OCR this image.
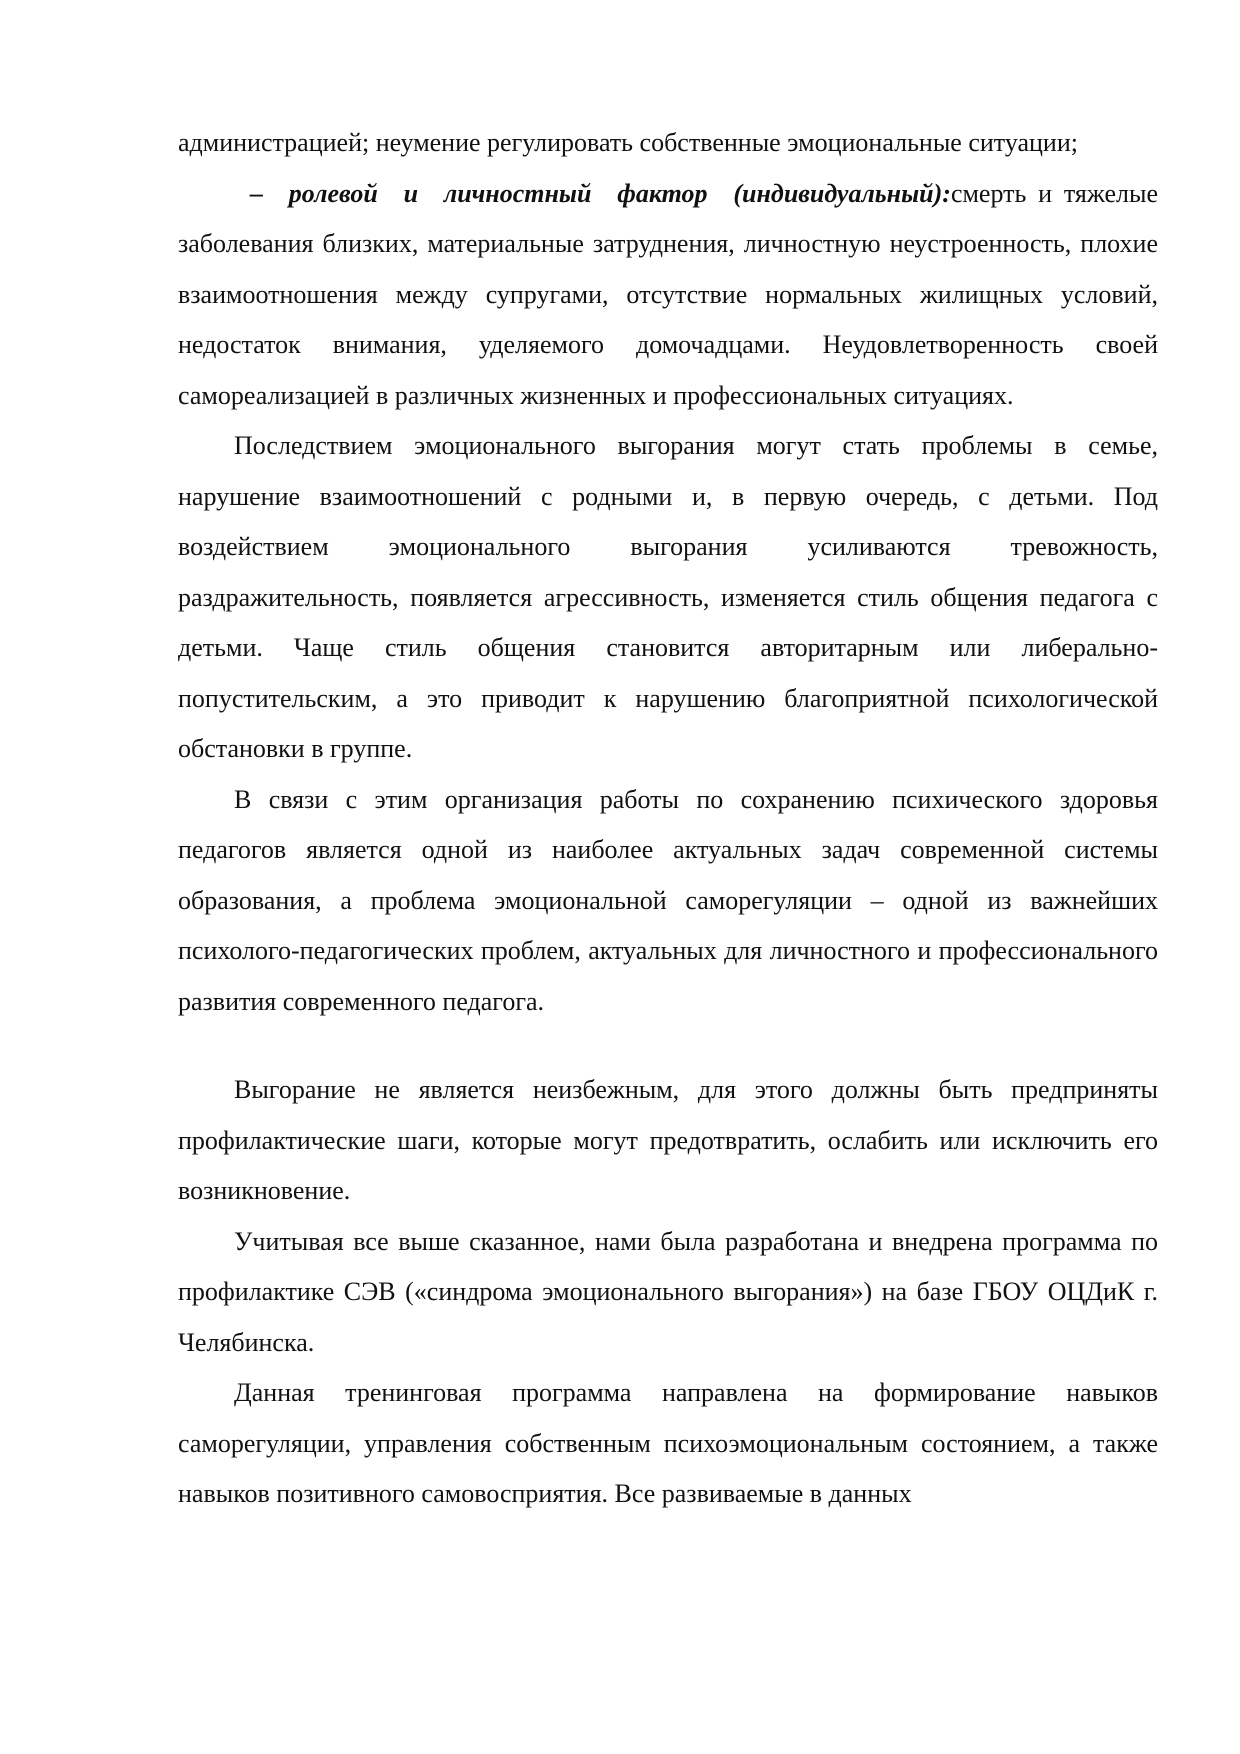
администрацией; неумение регулировать собственные эмоциональные ситуации;

– ролевой и личностный фактор (индивидуальный):смерть и тяжелые заболевания близких, материальные затруднения, личностную неустроенность, плохие взаимоотношения между супругами, отсутствие нормальных жилищных условий, недостаток внимания, уделяемого домочадцами. Неудовлетворенность своей самореализацией в различных жизненных и профессиональных ситуациях.

Последствием эмоционального выгорания могут стать проблемы в семье, нарушение взаимоотношений с родными и, в первую очередь, с детьми. Под воздействием эмоционального выгорания усиливаются тревожность, раздражительность, появляется агрессивность, изменяется стиль общения педагога с детьми. Чаще стиль общения становится авторитарным или либерально-попустительским, а это приводит к нарушению благоприятной психологической обстановки в группе.

В связи с этим организация работы по сохранению психического здоровья педагогов является одной из наиболее актуальных задач современной системы образования, а проблема эмоциональной саморегуляции – одной из важнейших психолого-педагогических проблем, актуальных для личностного и профессионального развития современного педагога.

Выгорание не является неизбежным, для этого должны быть предприняты профилактические шаги, которые могут предотвратить, ослабить или исключить его возникновение.

Учитывая все выше сказанное, нами была разработана и внедрена программа по профилактике СЭВ («синдрома эмоционального выгорания») на базе ГБОУ ОЦДиК г. Челябинска.

Данная тренинговая программа направлена на формирование навыков саморегуляции, управления собственным психоэмоциональным состоянием, а также навыков позитивного самовосприятия. Все развиваемые в данных
